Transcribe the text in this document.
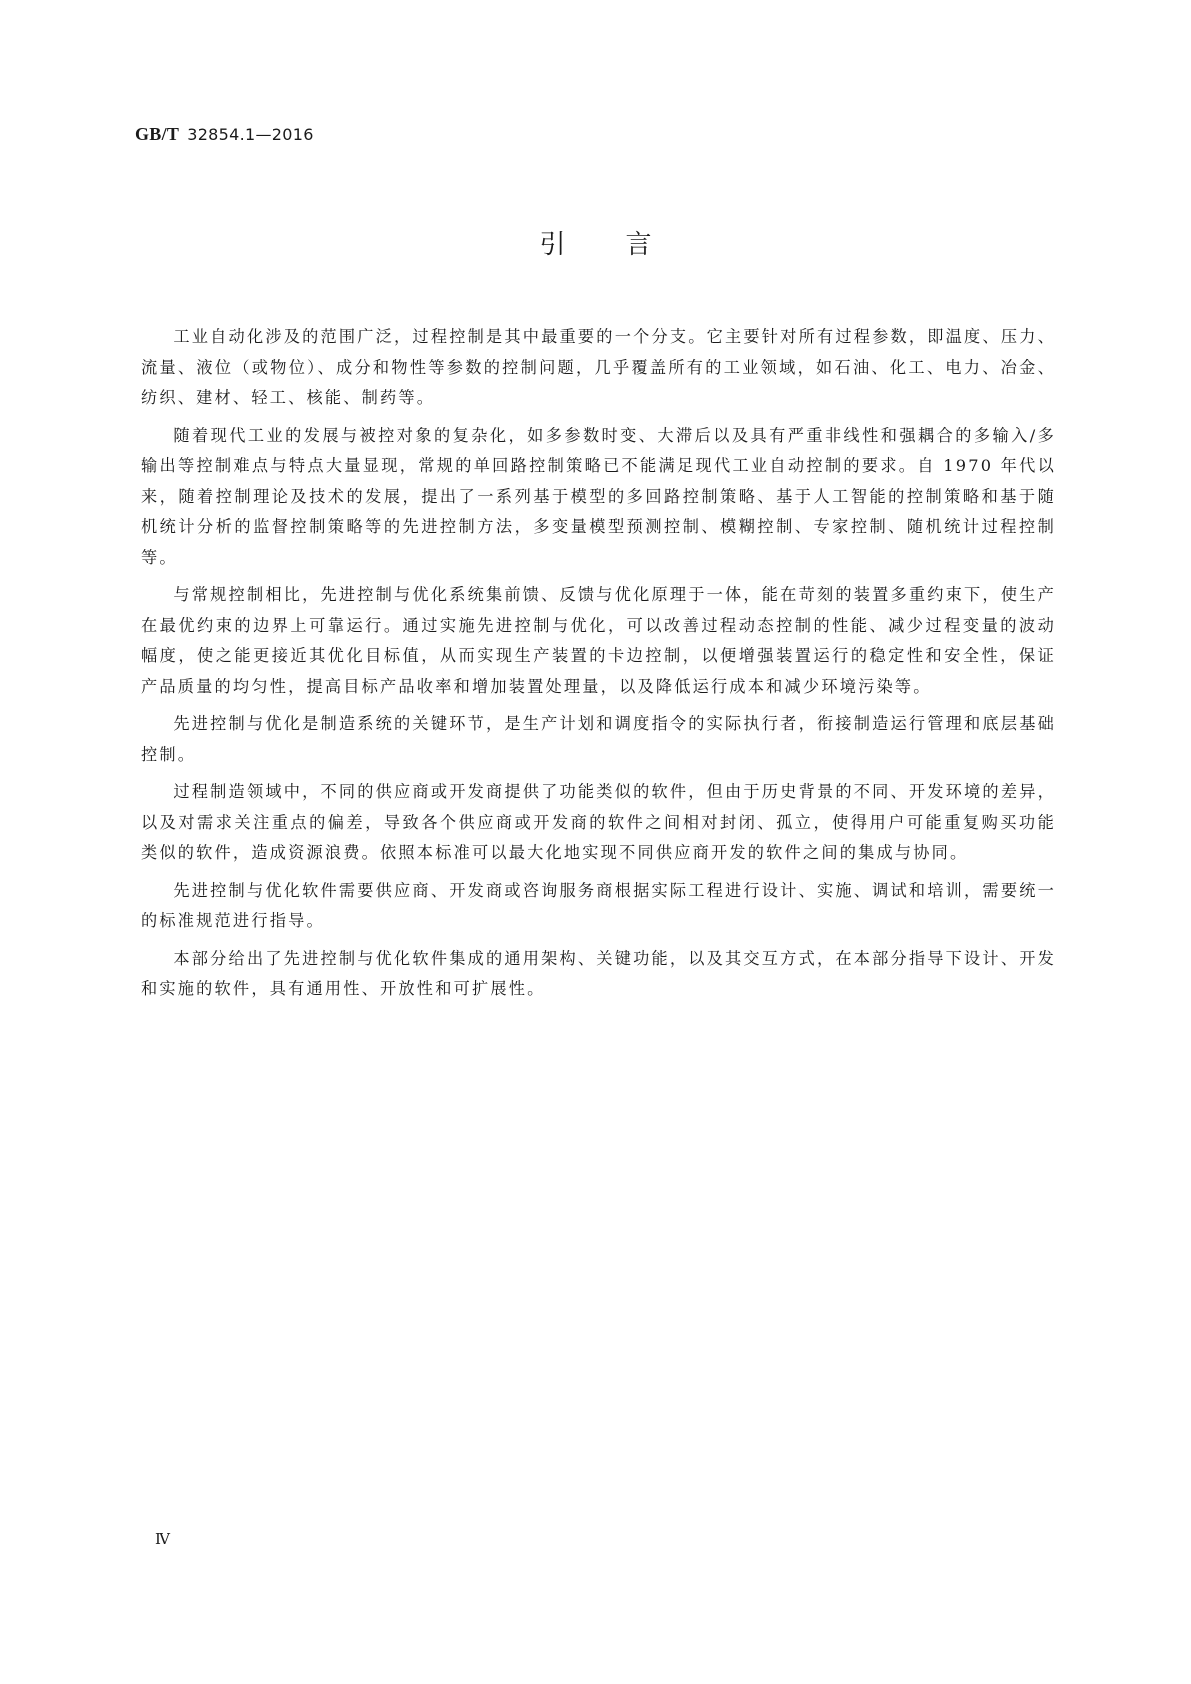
GB/T 32854.1—2016
引 言

工业自动化涉及的范围广泛，过程控制是其中最重要的一个分支。它主要针对所有过程参数，即温度、压力、流量、液位（或物位）、成分和物性等参数的控制问题，几乎覆盖所有的工业领域，如石油、化工、电力、冶金、纺织、建材、轻工、核能、制药等。

随着现代工业的发展与被控对象的复杂化，如多参数时变、大滞后以及具有严重非线性和强耦合的多输入/多输出等控制难点与特点大量显现，常规的单回路控制策略已不能满足现代工业自动控制的要求。自 1970 年代以来，随着控制理论及技术的发展，提出了一系列基于模型的多回路控制策略、基于人工智能的控制策略和基于随机统计分析的监督控制策略等的先进控制方法，多变量模型预测控制、模糊控制、专家控制、随机统计过程控制等。

与常规控制相比，先进控制与优化系统集前馈、反馈与优化原理于一体，能在苛刻的装置多重约束下，使生产在最优约束的边界上可靠运行。通过实施先进控制与优化，可以改善过程动态控制的性能、减少过程变量的波动幅度，使之能更接近其优化目标值，从而实现生产装置的卡边控制，以便增强装置运行的稳定性和安全性，保证产品质量的均匀性，提高目标产品收率和增加装置处理量，以及降低运行成本和减少环境污染等。

先进控制与优化是制造系统的关键环节，是生产计划和调度指令的实际执行者，衔接制造运行管理和底层基础控制。

过程制造领域中，不同的供应商或开发商提供了功能类似的软件，但由于历史背景的不同、开发环境的差异，以及对需求关注重点的偏差，导致各个供应商或开发商的软件之间相对封闭、孤立，使得用户可能重复购买功能类似的软件，造成资源浪费。依照本标准可以最大化地实现不同供应商开发的软件之间的集成与协同。

先进控制与优化软件需要供应商、开发商或咨询服务商根据实际工程进行设计、实施、调试和培训，需要统一的标准规范进行指导。

本部分给出了先进控制与优化软件集成的通用架构、关键功能，以及其交互方式，在本部分指导下设计、开发和实施的软件，具有通用性、开放性和可扩展性。

Ⅳ
